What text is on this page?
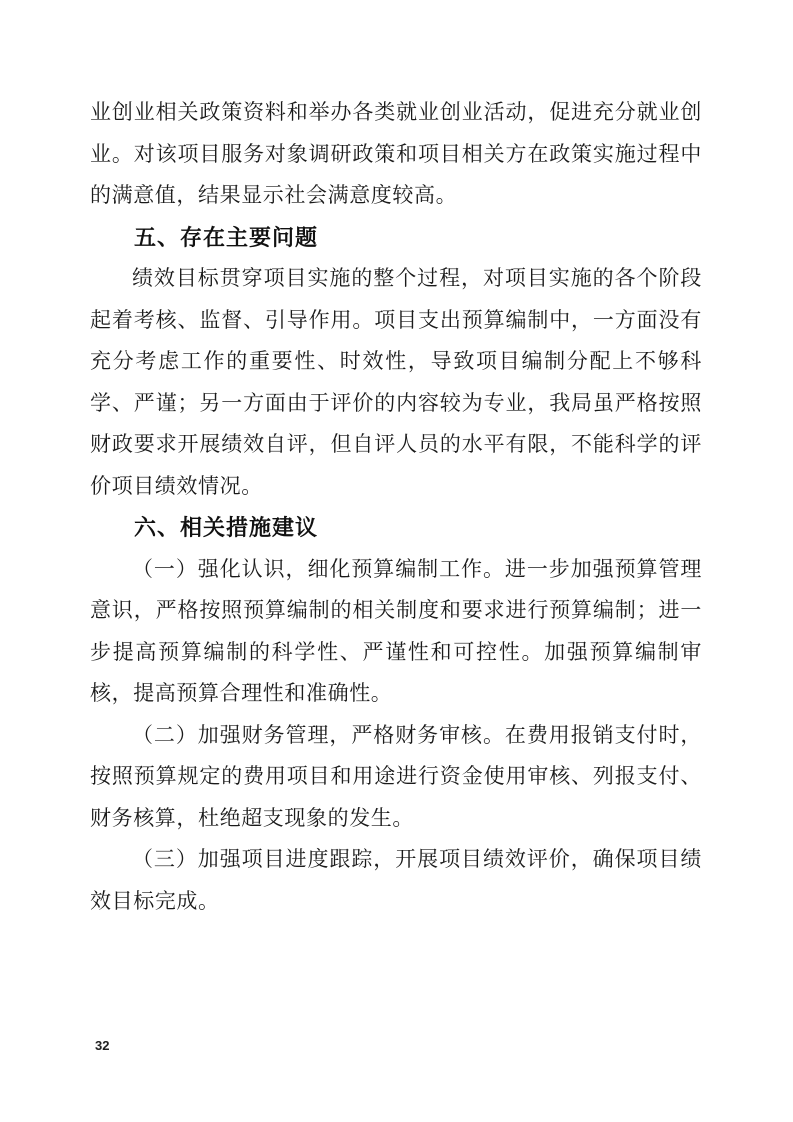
业创业相关政策资料和举办各类就业创业活动，促进充分就业创业。对该项目服务对象调研政策和项目相关方在政策实施过程中的满意值，结果显示社会满意度较高。

五、存在主要问题

绩效目标贯穿项目实施的整个过程，对项目实施的各个阶段起着考核、监督、引导作用。项目支出预算编制中，一方面没有充分考虑工作的重要性、时效性，导致项目编制分配上不够科学、严谨；另一方面由于评价的内容较为专业，我局虽严格按照财政要求开展绩效自评，但自评人员的水平有限，不能科学的评价项目绩效情况。

六、相关措施建议

（一）强化认识，细化预算编制工作。进一步加强预算管理意识，严格按照预算编制的相关制度和要求进行预算编制；进一步提高预算编制的科学性、严谨性和可控性。加强预算编制审核，提高预算合理性和准确性。

（二）加强财务管理，严格财务审核。在费用报销支付时，按照预算规定的费用项目和用途进行资金使用审核、列报支付、财务核算，杜绝超支现象的发生。

（三）加强项目进度跟踪，开展项目绩效评价，确保项目绩效目标完成。

32
